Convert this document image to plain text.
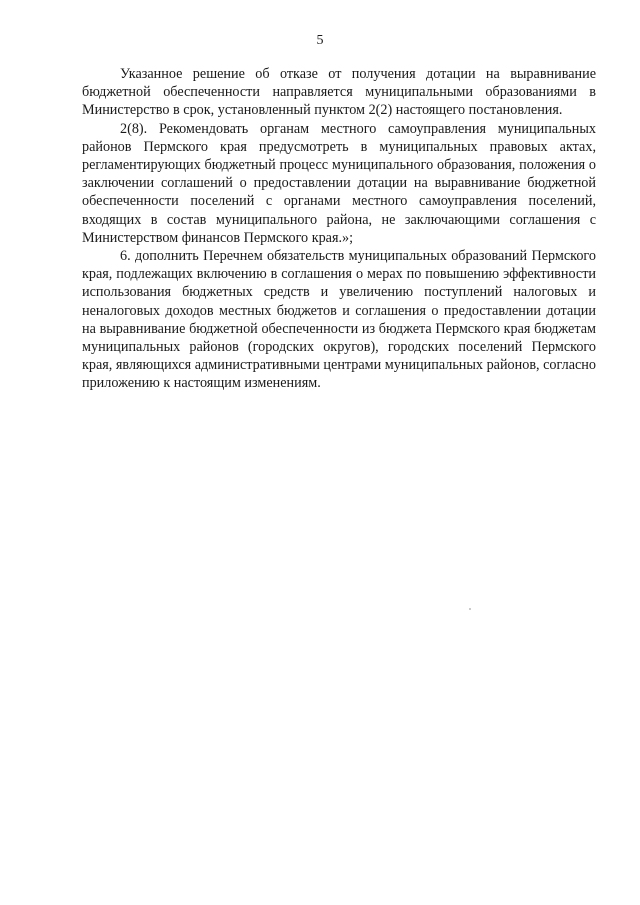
5

Указанное решение об отказе от получения дотации на выравнивание бюджетной обеспеченности направляется муниципальными образованиями в Министерство в срок, установленный пунктом 2(2) настоящего постановления.

2(8). Рекомендовать органам местного самоуправления муниципальных районов Пермского края предусмотреть в муниципальных правовых актах, регламентирующих бюджетный процесс муниципального образования, положения о заключении соглашений о предоставлении дотации на выравнивание бюджетной обеспеченности поселений с органами местного самоуправления поселений, входящих в состав муниципального района, не заключающими соглашения с Министерством финансов Пермского края.»;

6. дополнить Перечнем обязательств муниципальных образований Пермского края, подлежащих включению в соглашения о мерах по повышению эффективности использования бюджетных средств и увеличению поступлений налоговых и неналоговых доходов местных бюджетов и соглашения о предоставлении дотации на выравнивание бюджетной обеспеченности из бюджета Пермского края бюджетам муниципальных районов (городских округов), городских поселений Пермского края, являющихся административными центрами муниципальных районов, согласно приложению к настоящим изменениям.
